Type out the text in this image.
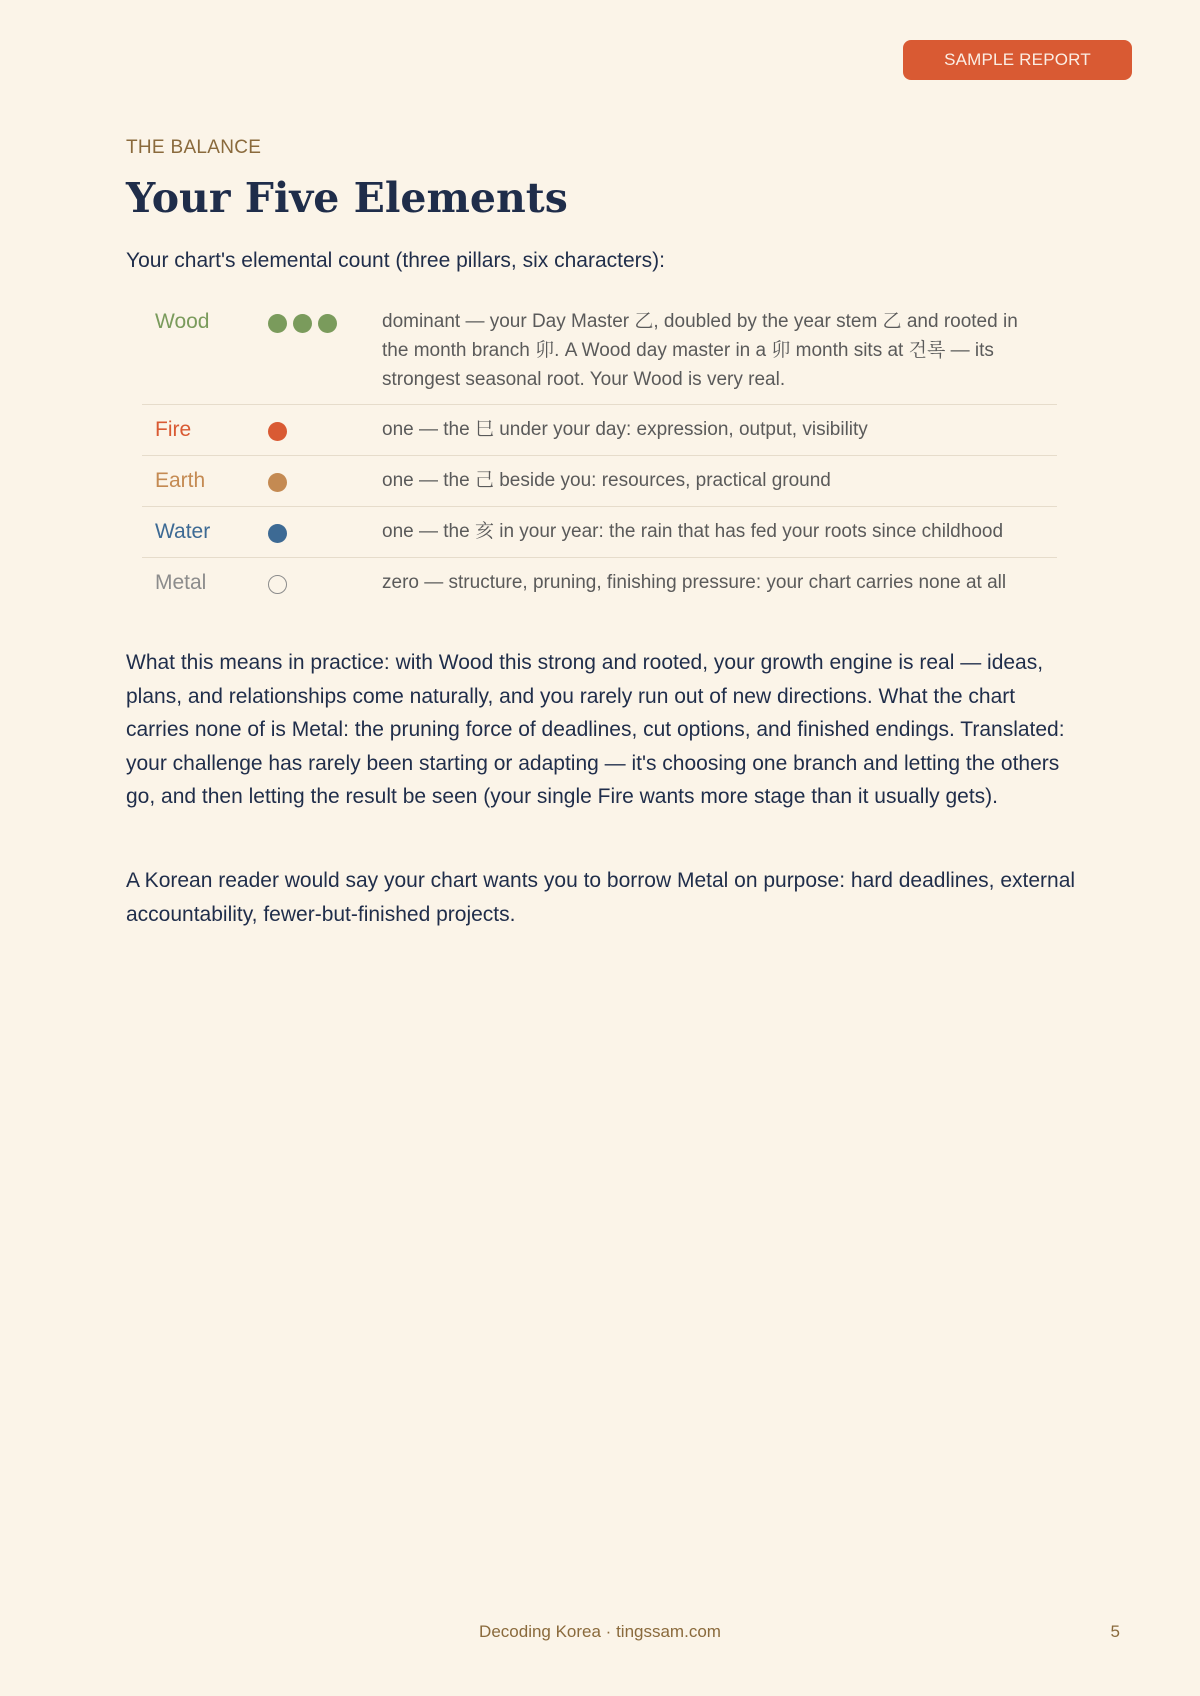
SAMPLE REPORT
THE BALANCE
Your Five Elements

Your chart's elemental count (three pillars, six characters):

Wood	dominant — your Day Master 乙, doubled by the year stem 乙 and rooted in the month branch 卯. A Wood day master in a 卯 month sits at 건록 — its strongest seasonal root. Your Wood is very real.
Fire	one — the 巳 under your day: expression, output, visibility
Earth	one — the 己 beside you: resources, practical ground
Water	one — the 亥 in your year: the rain that has fed your roots since childhood
Metal	zero — structure, pruning, finishing pressure: your chart carries none at all

What this means in practice: with Wood this strong and rooted, your growth engine is real — ideas, plans, and relationships come naturally, and you rarely run out of new directions. What the chart carries none of is Metal: the pruning force of deadlines, cut options, and finished endings. Translated: your challenge has rarely been starting or adapting — it's choosing one branch and letting the others go, and then letting the result be seen (your single Fire wants more stage than it usually gets).

A Korean reader would say your chart wants you to borrow Metal on purpose: hard deadlines, external accountability, fewer-but-finished projects.

Decoding Korea · tingssam.com	5
